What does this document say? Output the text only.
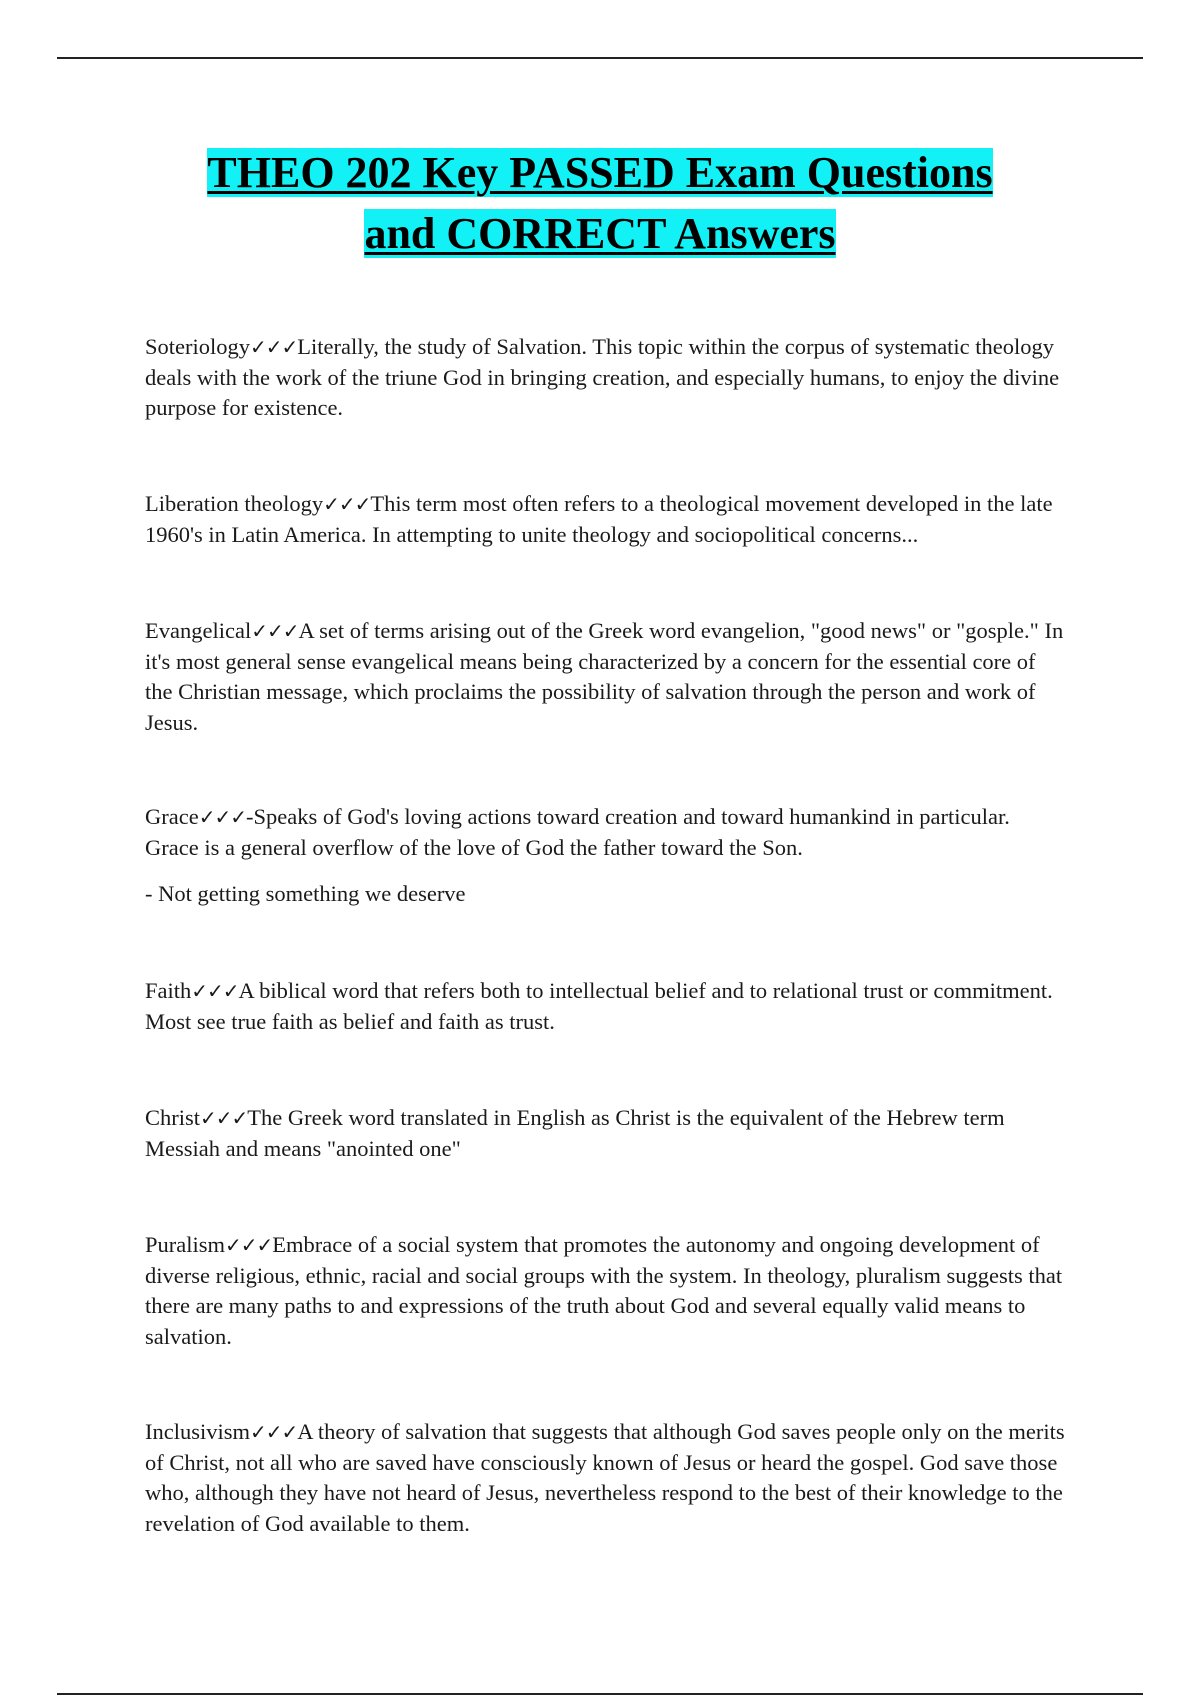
THEO 202 Key PASSED Exam Questions
and CORRECT Answers

Soteriology✓✓✓Literally, the study of Salvation. This topic within the corpus of systematic theology deals with the work of the triune God in bringing creation, and especially humans, to enjoy the divine purpose for existence.

Liberation theology✓✓✓This term most often refers to a theological movement developed in the late 1960's in Latin America. In attempting to unite theology and sociopolitical concerns...

Evangelical✓✓✓A set of terms arising out of the Greek word evangelion, "good news" or "gosple." In it's most general sense evangelical means being characterized by a concern for the essential core of the Christian message, which proclaims the possibility of salvation through the person and work of Jesus.

Grace✓✓✓-Speaks of God's loving actions toward creation and toward humankind in particular. Grace is a general overflow of the love of God the father toward the Son.

- Not getting something we deserve

Faith✓✓✓A biblical word that refers both to intellectual belief and to relational trust or commitment. Most see true faith as belief and faith as trust.

Christ✓✓✓The Greek word translated in English as Christ is the equivalent of the Hebrew term Messiah and means "anointed one"

Puralism✓✓✓Embrace of a social system that promotes the autonomy and ongoing development of diverse religious, ethnic, racial and social groups with the system. In theology, pluralism suggests that there are many paths to and expressions of the truth about God and several equally valid means to salvation.

Inclusivism✓✓✓A theory of salvation that suggests that although God saves people only on the merits of Christ, not all who are saved have consciously known of Jesus or heard the gospel. God save those who, although they have not heard of Jesus, nevertheless respond to the best of their knowledge to the revelation of God available to them.
